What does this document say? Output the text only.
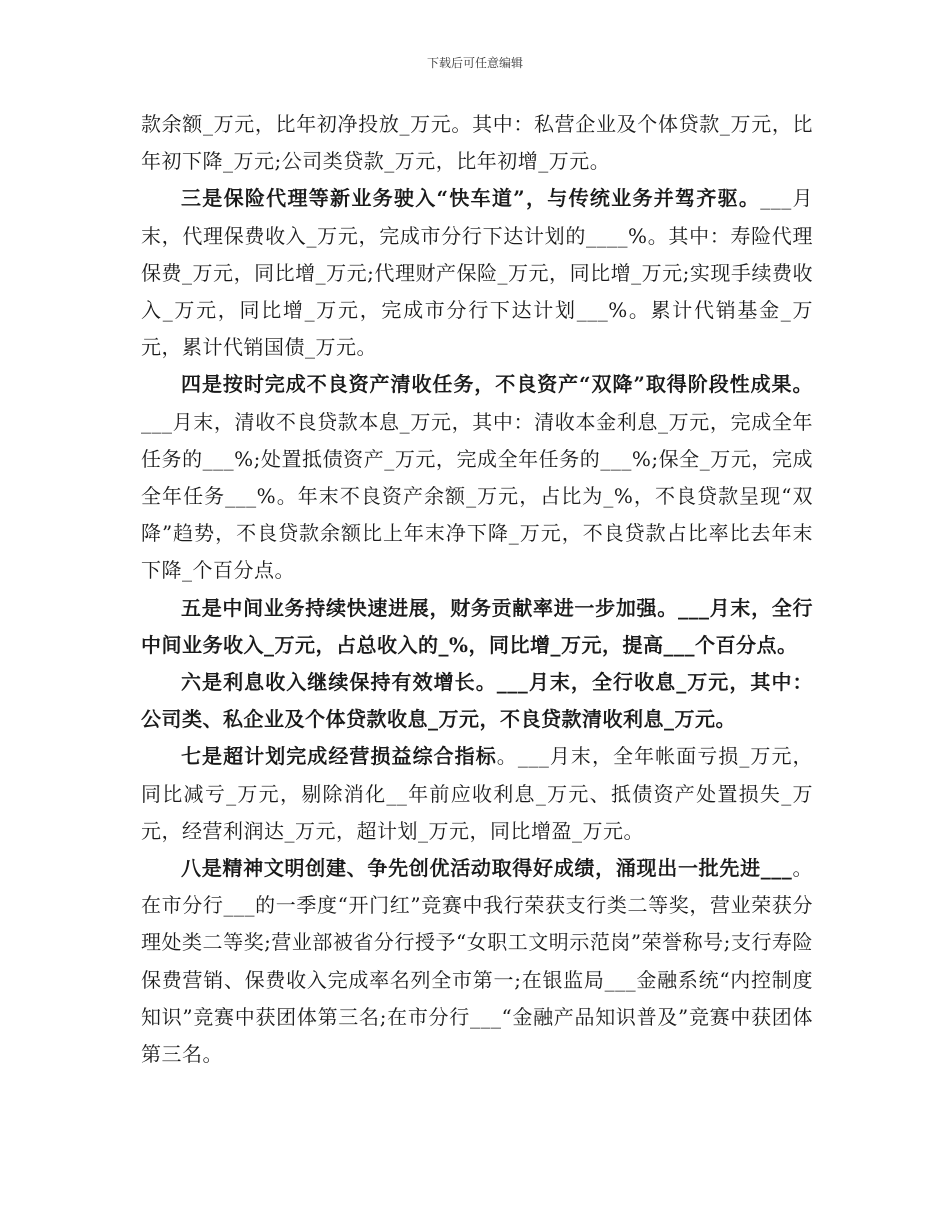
下载后可任意编辑

款余额_万元，比年初净投放_万元。其中：私营企业及个体贷款_万元，比年初下降_万元;公司类贷款_万元，比年初增_万元。

三是保险代理等新业务驶入“快车道”，与传统业务并驾齐驱。___月末，代理保费收入_万元，完成市分行下达计划的____%。其中：寿险代理保费_万元，同比增_万元;代理财产保险_万元，同比增_万元;实现手续费收入_万元，同比增_万元，完成市分行下达计划___%。累计代销基金_万元，累计代销国债_万元。

四是按时完成不良资产清收任务，不良资产“双降”取得阶段性成果。___月末，清收不良贷款本息_万元，其中：清收本金利息_万元，完成全年任务的___%;处置抵债资产_万元，完成全年任务的___%;保全_万元，完成全年任务___%。年末不良资产余额_万元，占比为_%，不良贷款呈现“双降”趋势，不良贷款余额比上年末净下降_万元，不良贷款占比率比去年末下降_个百分点。

五是中间业务持续快速进展，财务贡献率进一步加强。___月末，全行中间业务收入_万元，占总收入的_%，同比增_万元，提高___个百分点。

六是利息收入继续保持有效增长。___月末，全行收息_万元，其中：公司类、私企业及个体贷款收息_万元，不良贷款清收利息_万元。

七是超计划完成经营损益综合指标。___月末，全年帐面亏损_万元，同比减亏_万元，剔除消化__年前应收利息_万元、抵债资产处置损失_万元，经营利润达_万元，超计划_万元，同比增盈_万元。

八是精神文明创建、争先创优活动取得好成绩，涌现出一批先进___。在市分行___的一季度“开门红”竞赛中我行荣获支行类二等奖，营业荣获分理处类二等奖;营业部被省分行授予“女职工文明示范岗”荣誉称号;支行寿险保费营销、保费收入完成率名列全市第一;在银监局___金融系统“内控制度知识”竞赛中获团体第三名;在市分行___“金融产品知识普及”竞赛中获团体第三名。
